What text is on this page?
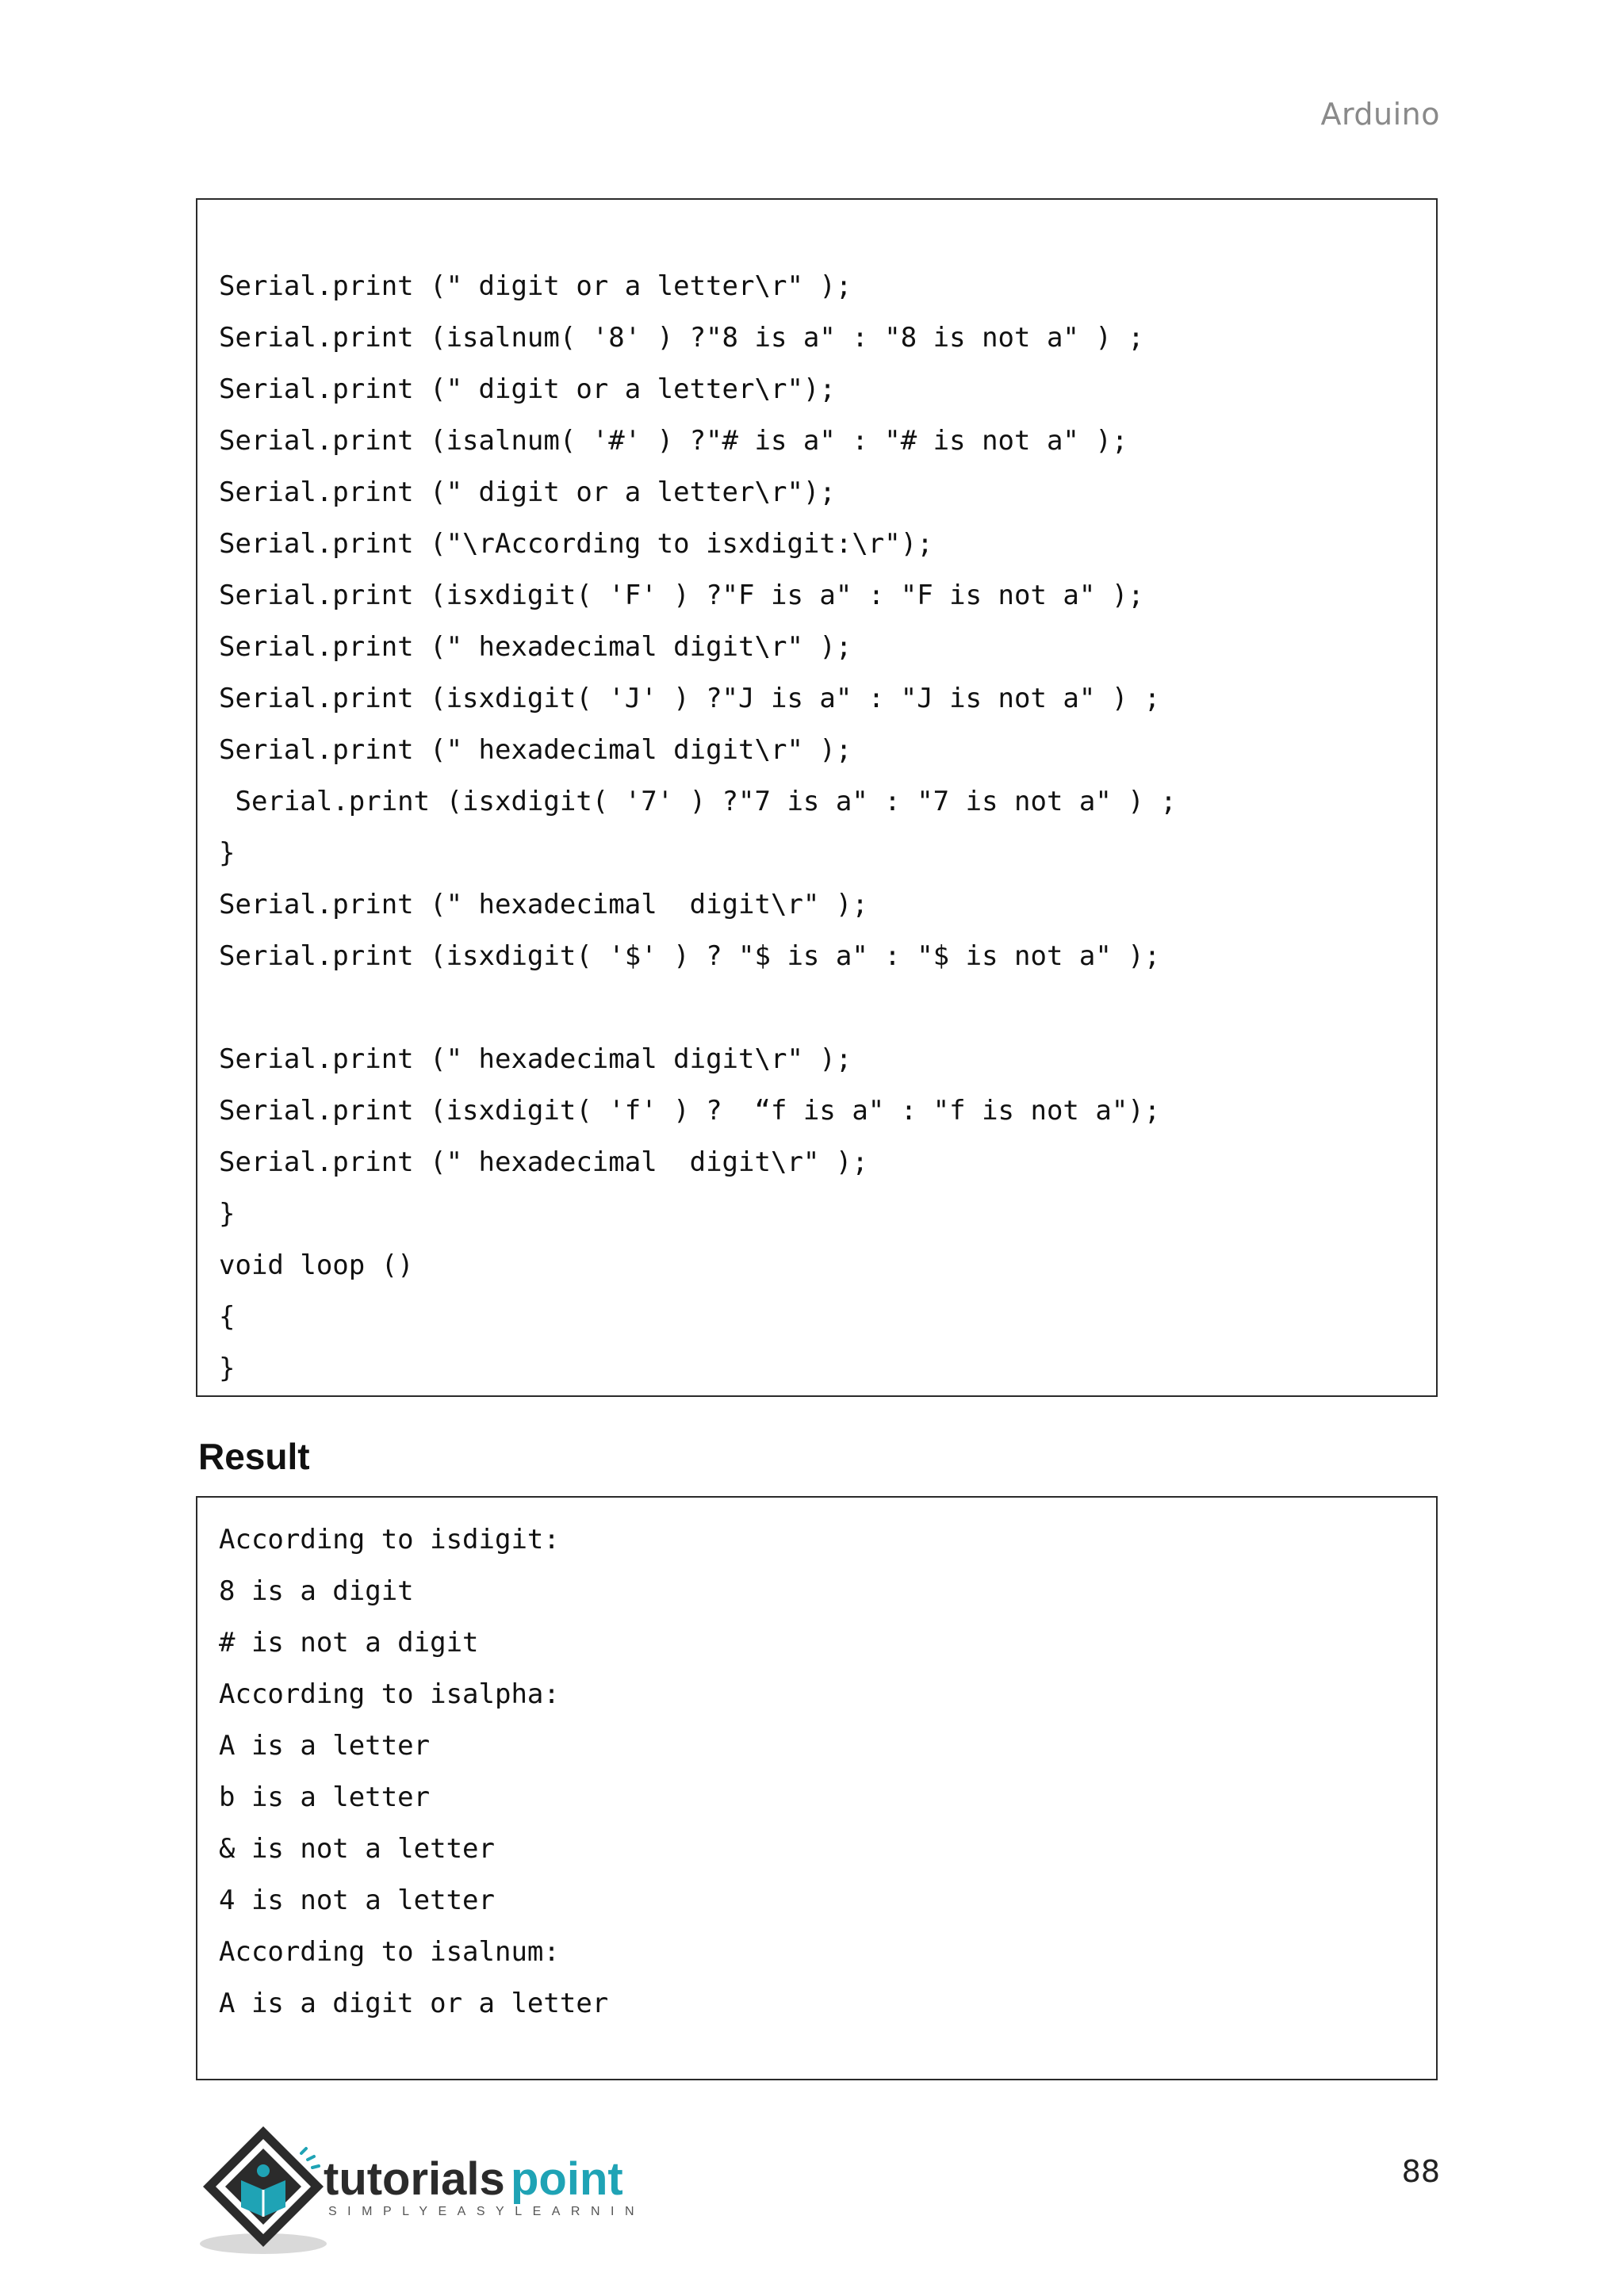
Arduino
Serial.print (" digit or a letter\r" );
Serial.print (isalnum( '8' ) ?"8 is a" : "8 is not a" ) ;
Serial.print (" digit or a letter\r");
Serial.print (isalnum( '#' ) ?"# is a" : "# is not a" );
Serial.print (" digit or a letter\r");
Serial.print ("\rAccording to isxdigit:\r");
Serial.print (isxdigit( 'F' ) ?"F is a" : "F is not a" );
Serial.print (" hexadecimal digit\r" );
Serial.print (isxdigit( 'J' ) ?"J is a" : "J is not a" ) ;
Serial.print (" hexadecimal digit\r" );
Serial.print (isxdigit( '7' ) ?"7 is a" : "7 is not a" ) ;
}
Serial.print (" hexadecimal  digit\r" );
Serial.print (isxdigit( '$' ) ? "$ is a" : "$ is not a" );
Serial.print (" hexadecimal digit\r" );
Serial.print (isxdigit( 'f' ) ?  “f is a" : "f is not a");
Serial.print (" hexadecimal  digit\r" );
}
void loop ()
{
}
Result
According to isdigit:
8 is a digit
# is not a digit
According to isalpha:
A is a letter
b is a letter
& is not a letter
4 is not a letter
According to isalnum:
A is a digit or a letter
tutorials point
SIMPLYEASYLEARNING
88
